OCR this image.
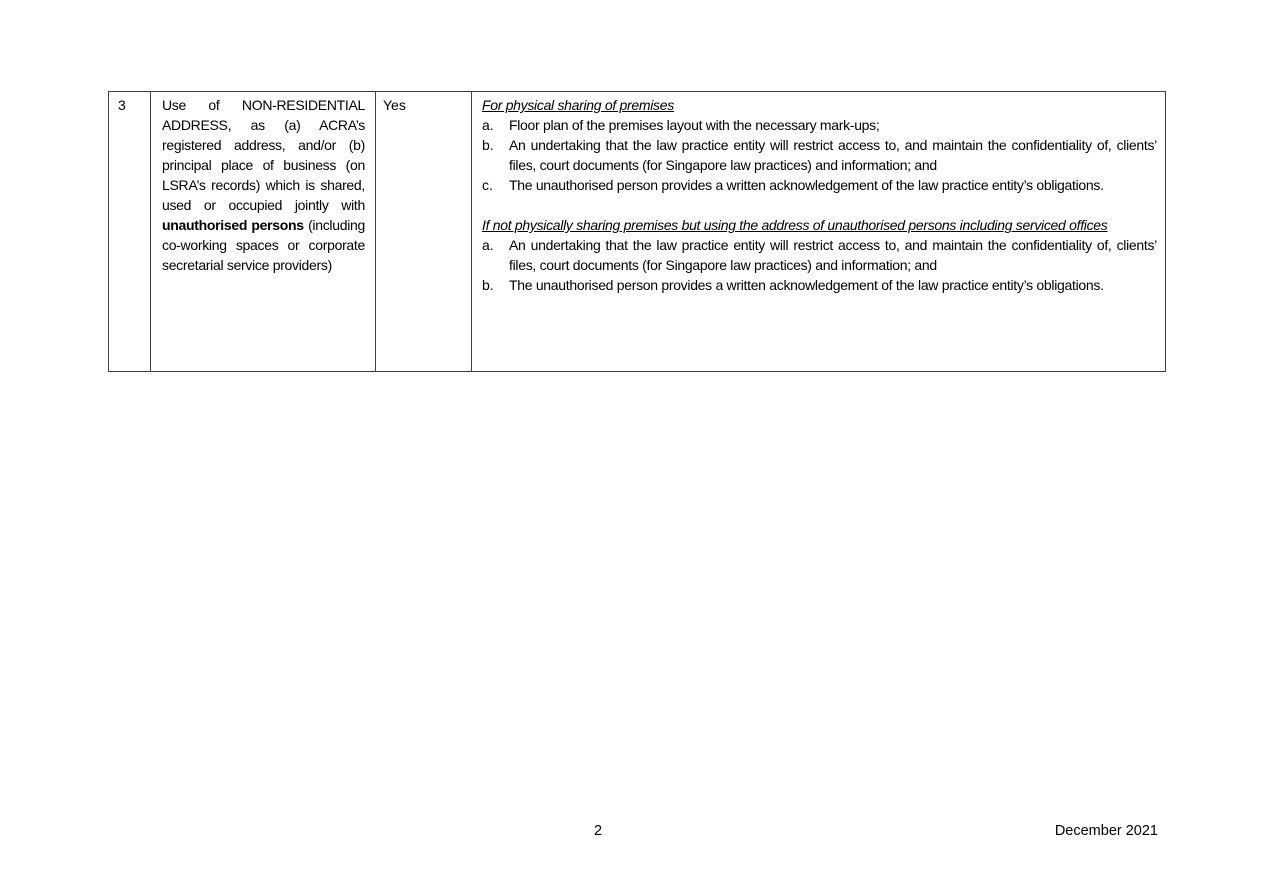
3	Use of NON-RESIDENTIAL ADDRESS, as (a) ACRA’s registered address, and/or (b) principal place of business (on LSRA’s records) which is shared, used or occupied jointly with unauthorised persons (including co-working spaces or corporate secretarial service providers)	Yes	For physical sharing of premises
a.	Floor plan of the premises layout with the necessary mark-ups;
b.	An undertaking that the law practice entity will restrict access to, and maintain the confidentiality of, clients’ files, court documents (for Singapore law practices) and information; and
c.	The unauthorised person provides a written acknowledgement of the law practice entity’s obligations.
If not physically sharing premises but using the address of unauthorised persons including serviced offices
a.	An undertaking that the law practice entity will restrict access to, and maintain the confidentiality of, clients’ files, court documents (for Singapore law practices) and information; and
b.	The unauthorised person provides a written acknowledgement of the law practice entity’s obligations.
2	December 2021
